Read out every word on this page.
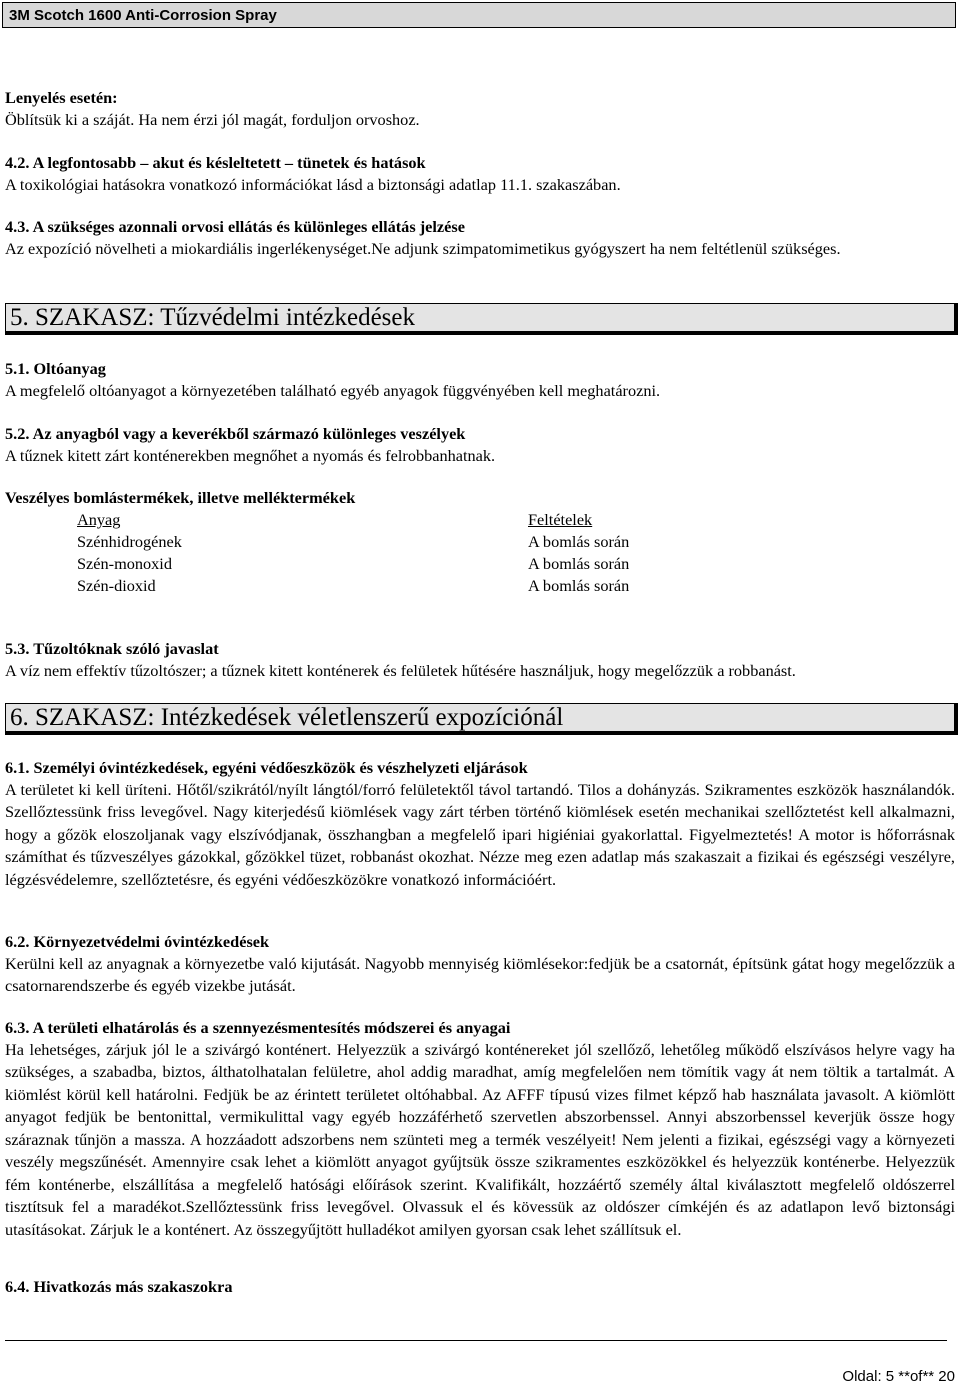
3M Scotch 1600 Anti-Corrosion Spray

Lenyelés esetén:

Öblítsük ki a száját. Ha nem érzi jól magát, forduljon orvoshoz.

4.2. A legfontosabb – akut és késleltetett – tünetek és hatások

A toxikológiai hatásokra vonatkozó információkat lásd a biztonsági adatlap 11.1. szakaszában.

4.3. A szükséges azonnali orvosi ellátás és különleges ellátás jelzése

Az expozíció növelheti a miokardiális ingerlékenységet.Ne adjunk szimpatomimetikus gyógyszert ha nem feltétlenül szükséges.

5. SZAKASZ: Tűzvédelmi intézkedések

5.1. Oltóanyag

A megfelelő oltóanyagot a környezetében található egyéb anyagok függvényében kell meghatározni.

5.2. Az anyagból vagy a keverékből származó különleges veszélyek

A tűznek kitett zárt konténerekben megnőhet a nyomás és felrobbanhatnak.

Veszélyes bomlástermékek, illetve melléktermékek

Anyag

Szénhidrogének

Szén-monoxid

Szén-dioxid

Feltételek

A bomlás során

A bomlás során

A bomlás során

5.3. Tűzoltóknak szóló javaslat

A víz nem effektív tűzoltószer; a tűznek kitett konténerek és felületek hűtésére használjuk, hogy megelőzzük a robbanást.

6. SZAKASZ: Intézkedések véletlenszerű expozíciónál

6.1. Személyi óvintézkedések, egyéni védőeszközök és vészhelyzeti eljárások

A területet ki kell üríteni. Hőtől/szikrától/nyílt lángtól/forró felületektől távol tartandó. Tilos a dohányzás. Szikramentes eszközök használandók. Szellőztessünk friss levegővel. Nagy kiterjedésű kiömlések vagy zárt térben történő kiömlések esetén mechanikai szellőztetést kell alkalmazni, hogy a gőzök eloszoljanak vagy elszívódjanak, összhangban a megfelelő ipari higiéniai gyakorlattal. Figyelmeztetés! A motor is hőforrásnak számíthat és tűzveszélyes gázokkal, gőzökkel tüzet, robbanást okozhat. Nézze meg ezen adatlap más szakaszait a fizikai és egészségi veszélyre, légzésvédelemre, szellőztetésre, és egyéni védőeszközökre vonatkozó információért.

6.2. Környezetvédelmi óvintézkedések

Kerülni kell az anyagnak a környezetbe való kijutását. Nagyobb mennyiség kiömlésekor:fedjük be a csatornát, építsünk gátat hogy megelőzzük a csatornarendszerbe és egyéb vizekbe jutását.

6.3. A területi elhatárolás és a szennyezésmentesítés módszerei és anyagai

Ha lehetséges, zárjuk jól le a szivárgó konténert. Helyezzük a szivárgó konténereket jól szellőző, lehetőleg működő elszívásos helyre vagy ha szükséges, a szabadba, biztos, álthatolhatalan felületre, ahol addig maradhat, amíg megfelelően nem tömítik vagy át nem töltik a tartalmát. A kiömlést körül kell határolni. Fedjük be az érintett területet oltóhabbal. Az AFFF típusú vizes filmet képző hab használata javasolt. A kiömlött anyagot fedjük be bentonittal, vermikulittal vagy egyéb hozzáférhető szervetlen abszorbenssel. Annyi abszorbenssel keverjük össze hogy száraznak tűnjön a massza. A hozzáadott adszorbens nem szünteti meg a termék veszélyeit! Nem jelenti a fizikai, egészségi vagy a környezeti veszély megszűnését. Amennyire csak lehet a kiömlött anyagot gyűjtsük össze szikramentes eszközökkel és helyezzük konténerbe. Helyezzük fém konténerbe, elszállítása a megfelelő hatósági előírások szerint. Kvalifikált, hozzáértő személy által kiválasztott megfelelő oldószerrel tisztítsuk fel a maradékot.Szellőztessünk friss levegővel. Olvassuk el és kövessük az oldószer címkéjén és az adatlapon levő biztonsági utasításokat. Zárjuk le a konténert. Az összegyűjtött hulladékot amilyen gyorsan csak lehet szállítsuk el.

6.4. Hivatkozás más szakaszokra

Oldal: 5 **of** 20
